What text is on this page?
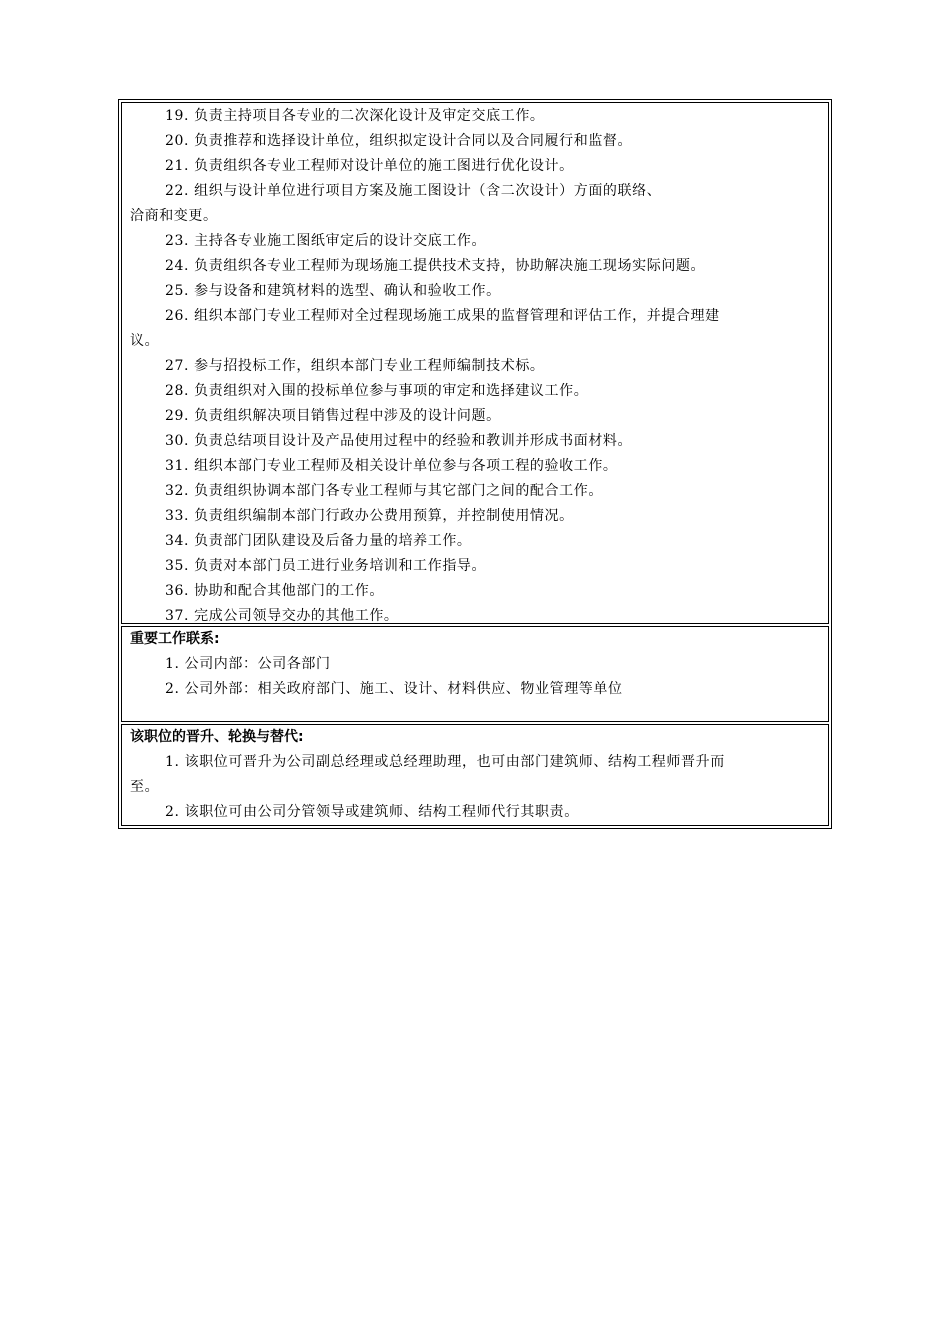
19. 负责主持项目各专业的二次深化设计及审定交底工作。
20. 负责推荐和选择设计单位，组织拟定设计合同以及合同履行和监督。
21. 负责组织各专业工程师对设计单位的施工图进行优化设计。
22. 组织与设计单位进行项目方案及施工图设计（含二次设计）方面的联络、
洽商和变更。
23. 主持各专业施工图纸审定后的设计交底工作。
24. 负责组织各专业工程师为现场施工提供技术支持，协助解决施工现场实际问题。
25. 参与设备和建筑材料的选型、确认和验收工作。
26. 组织本部门专业工程师对全过程现场施工成果的监督管理和评估工作，并提合理建
议。
27. 参与招投标工作，组织本部门专业工程师编制技术标。
28. 负责组织对入围的投标单位参与事项的审定和选择建议工作。
29. 负责组织解决项目销售过程中涉及的设计问题。
30. 负责总结项目设计及产品使用过程中的经验和教训并形成书面材料。
31. 组织本部门专业工程师及相关设计单位参与各项工程的验收工作。
32. 负责组织协调本部门各专业工程师与其它部门之间的配合工作。
33. 负责组织编制本部门行政办公费用预算，并控制使用情况。
34. 负责部门团队建设及后备力量的培养工作。
35. 负责对本部门员工进行业务培训和工作指导。
36. 协助和配合其他部门的工作。
37. 完成公司领导交办的其他工作。
重要工作联系:
1. 公司内部：公司各部门
2. 公司外部：相关政府部门、施工、设计、材料供应、物业管理等单位
该职位的晋升、轮换与替代:
1. 该职位可晋升为公司副总经理或总经理助理，也可由部门建筑师、结构工程师晋升而
至。
2. 该职位可由公司分管领导或建筑师、结构工程师代行其职责。
